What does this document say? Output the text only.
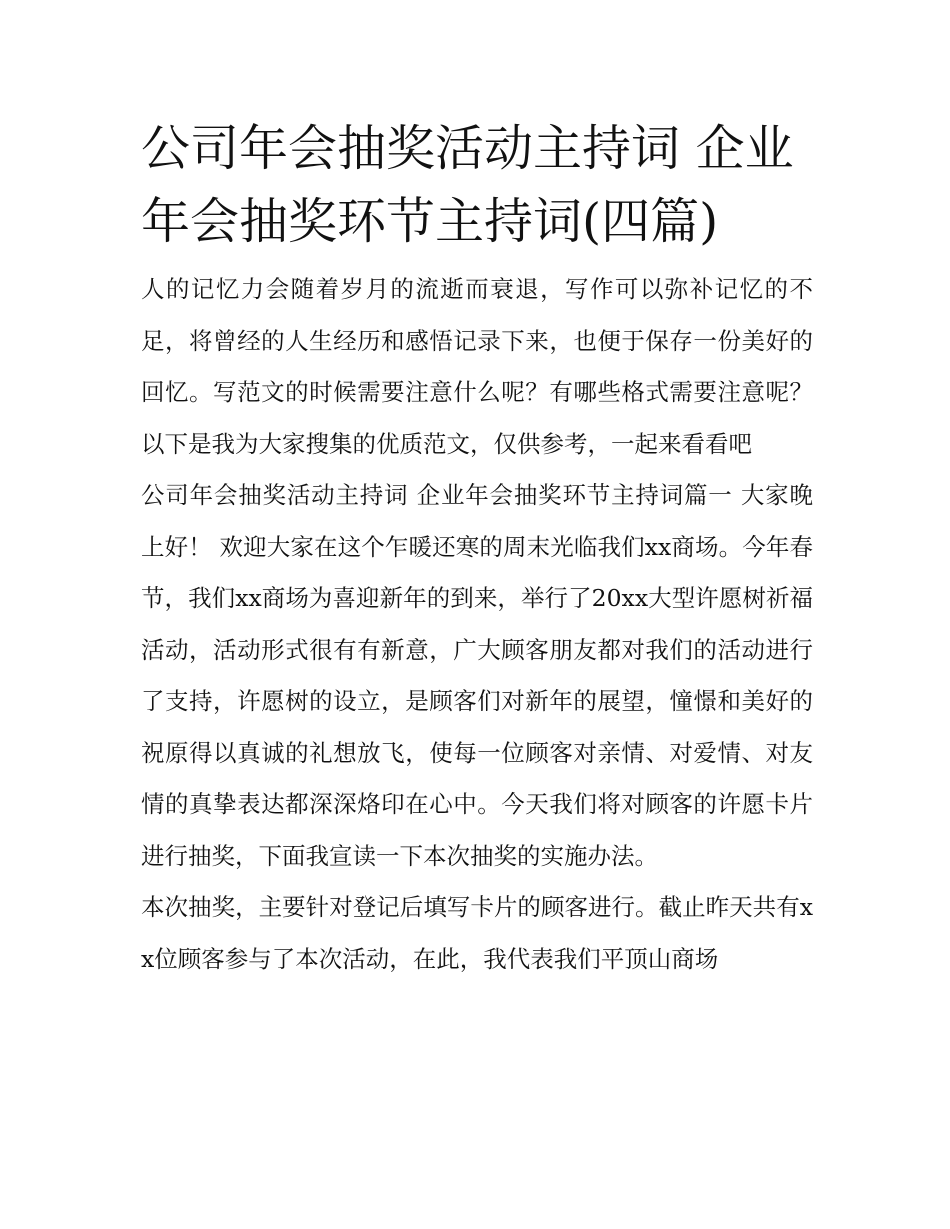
公司年会抽奖活动主持词 企业年会抽奖环节主持词(四篇)

人的记忆力会随着岁月的流逝而衰退，写作可以弥补记忆的不足，将曾经的人生经历和感悟记录下来，也便于保存一份美好的回忆。写范文的时候需要注意什么呢？有哪些格式需要注意呢？以下是我为大家搜集的优质范文，仅供参考，一起来看看吧

公司年会抽奖活动主持词 企业年会抽奖环节主持词篇一 大家晚上好！ 欢迎大家在这个乍暖还寒的周末光临我们xx商场。今年春节，我们xx商场为喜迎新年的到来，举行了20xx大型许愿树祈福活动，活动形式很有有新意，广大顾客朋友都对我们的活动进行了支持，许愿树的设立，是顾客们对新年的展望，憧憬和美好的祝原得以真诚的礼想放飞，使每一位顾客对亲情、对爱情、对友情的真挚表达都深深烙印在心中。今天我们将对顾客的许愿卡片进行抽奖，下面我宣读一下本次抽奖的实施办法。

本次抽奖，主要针对登记后填写卡片的顾客进行。截止昨天共有xx位顾客参与了本次活动，在此，我代表我们平顶山商场
